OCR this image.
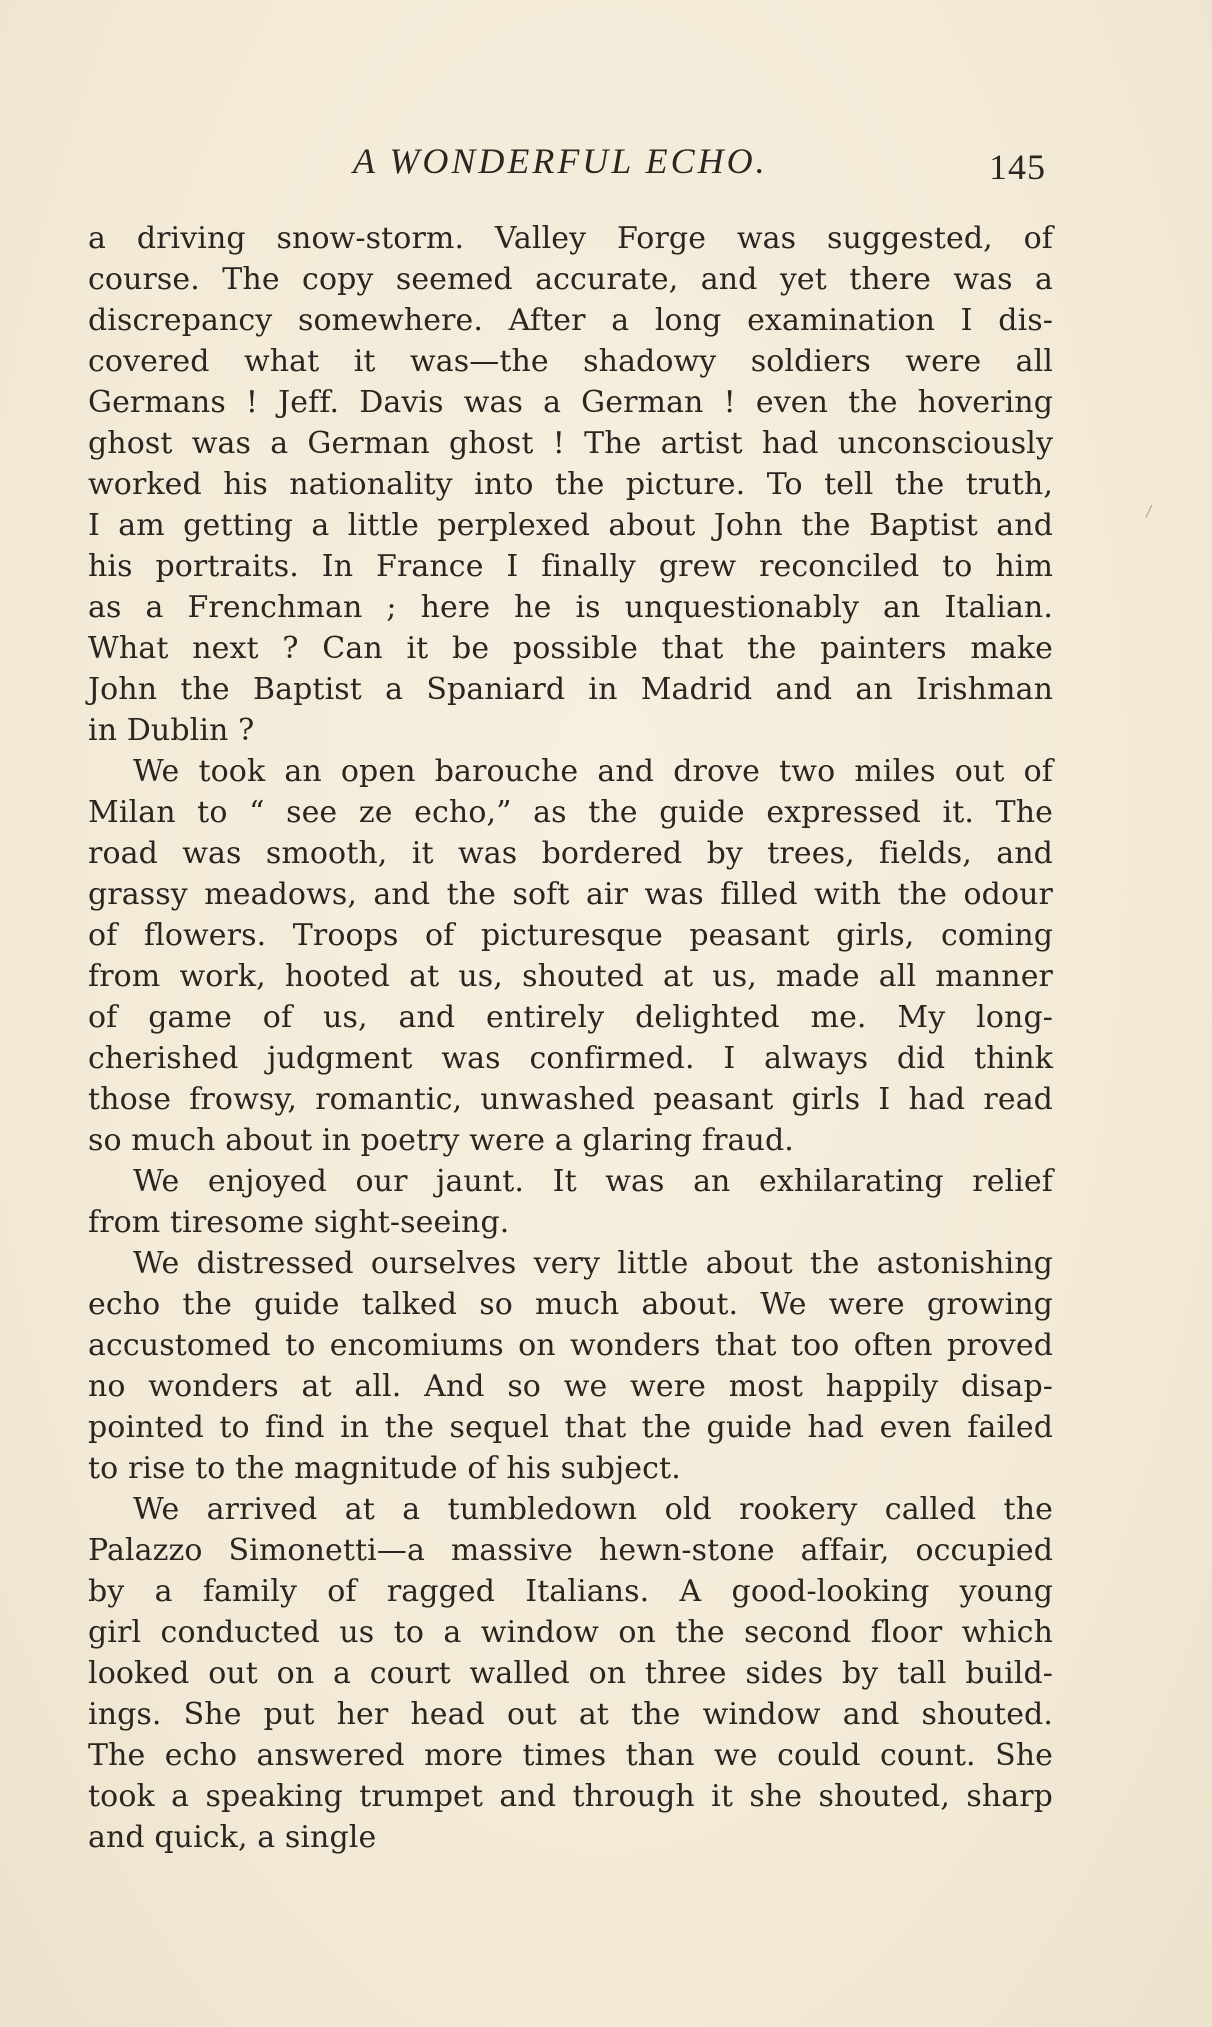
A WONDERFUL ECHO.	145
a driving snow-storm. Valley Forge was suggested, of
course. The copy seemed accurate, and yet there was a
discrepancy somewhere. After a long examination I dis-
covered what it was—the shadowy soldiers were all
Germans ! Jeff. Davis was a German ! even the hovering
ghost was a German ghost ! The artist had unconsciously
worked his nationality into the picture. To tell the truth,
I am getting a little perplexed about John the Baptist and
his portraits. In France I finally grew reconciled to him
as a Frenchman ; here he is unquestionably an Italian.
What next ? Can it be possible that the painters make
John the Baptist a Spaniard in Madrid and an Irishman
in Dublin ?
We took an open barouche and drove two miles out of
Milan to “ see ze echo,” as the guide expressed it. The
road was smooth, it was bordered by trees, fields, and
grassy meadows, and the soft air was filled with the odour
of flowers. Troops of picturesque peasant girls, coming
from work, hooted at us, shouted at us, made all manner
of game of us, and entirely delighted me. My long-
cherished judgment was confirmed. I always did think
those frowsy, romantic, unwashed peasant girls I had read
so much about in poetry were a glaring fraud.
We enjoyed our jaunt. It was an exhilarating relief
from tiresome sight-seeing.
We distressed ourselves very little about the astonishing
echo the guide talked so much about. We were growing
accustomed to encomiums on wonders that too often proved
no wonders at all. And so we were most happily disap-
pointed to find in the sequel that the guide had even failed
to rise to the magnitude of his subject.
We arrived at a tumbledown old rookery called the
Palazzo Simonetti—a massive hewn-stone affair, occupied
by a family of ragged Italians. A good-looking young
girl conducted us to a window on the second floor which
looked out on a court walled on three sides by tall build-
ings. She put her head out at the window and shouted.
The echo answered more times than we could count. She
took a speaking trumpet and through it she shouted, sharp
and quick, a single
